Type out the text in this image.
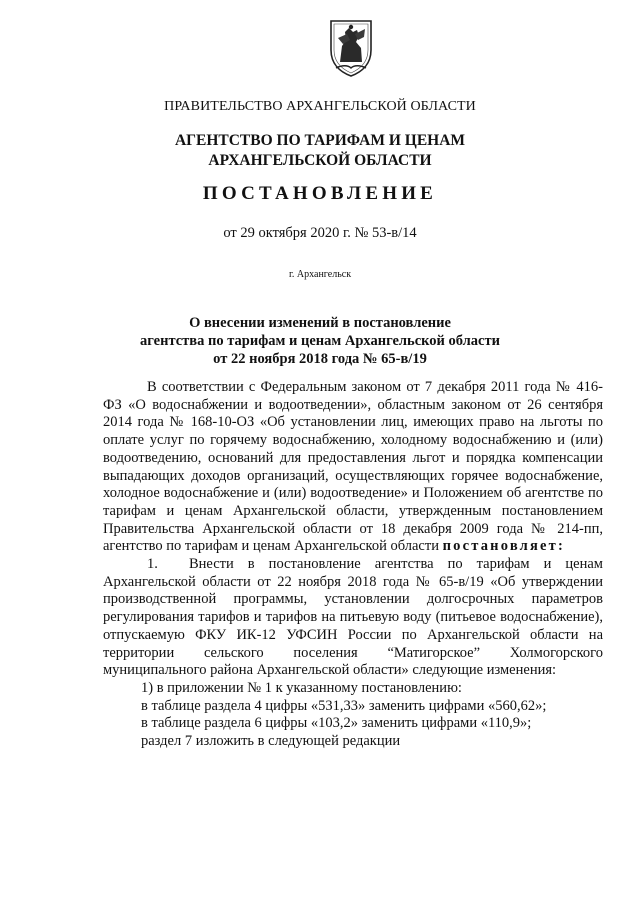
ПРАВИТЕЛЬСТВО АРХАНГЕЛЬСКОЙ ОБЛАСТИ
АГЕНТСТВО ПО ТАРИФАМ И ЦЕНАМ
АРХАНГЕЛЬСКОЙ ОБЛАСТИ
ПОСТАНОВЛЕНИЕ
от 29 октября 2020 г. № 53-в/14
г. Архангельск
О внесении изменений в постановление
агентства по тарифам и ценам Архангельской области
от 22 ноября 2018 года № 65-в/19

В соответствии с Федеральным законом от 7 декабря 2011 года № 416-ФЗ «О водоснабжении и водоотведении», областным законом от 26 сентября 2014 года № 168-10-ОЗ «Об установлении лиц, имеющих право на льготы по оплате услуг по горячему водоснабжению, холодному водоснабжению и (или) водоотведению, оснований для предоставления льгот и порядка компенсации выпадающих доходов организаций, осуществляющих горячее водоснабжение, холодное водоснабжение и (или) водоотведение» и Положением об агентстве по тарифам и ценам Архангельской области, утвержденным постановлением Правительства Архангельской области от 18 декабря 2009 года № 214-пп, агентство по тарифам и ценам Архангельской области постановляет:

1. Внести в постановление агентства по тарифам и ценам Архангельской области от 22 ноября 2018 года № 65-в/19 «Об утверждении производственной программы, установлении долгосрочных параметров регулирования тарифов и тарифов на питьевую воду (питьевое водоснабжение), отпускаемую ФКУ ИК-12 УФСИН России по Архангельской области на территории сельского поселения “Матигорское” Холмогорского муниципального района Архангельской области» следующие изменения:

1) в приложении № 1 к указанному постановлению:
в таблице раздела 4 цифры «531,33» заменить цифрами «560,62»;
в таблице раздела 6 цифры «103,2» заменить цифрами «110,9»;
раздел 7 изложить в следующей редакции
